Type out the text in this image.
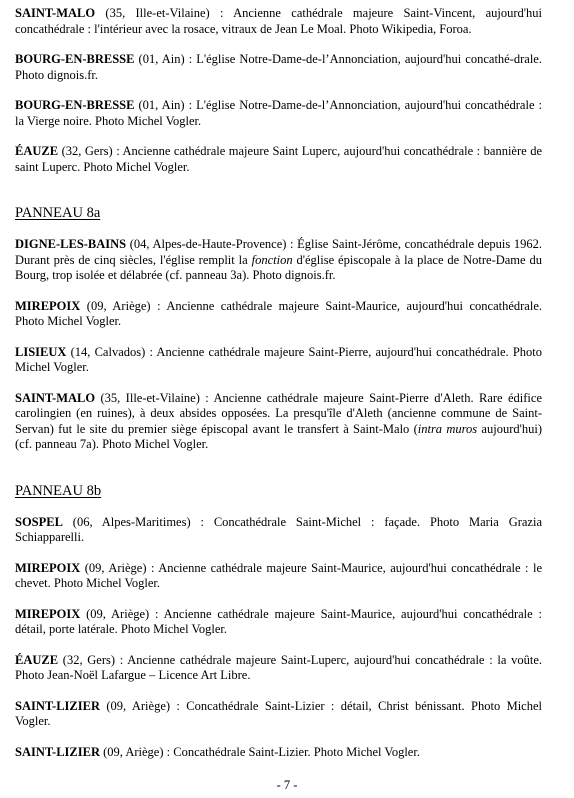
SAINT-MALO (35, Ille-et-Vilaine) : Ancienne cathédrale majeure Saint-Vincent, aujourd'hui concathédrale : l'intérieur avec la rosace, vitraux de Jean Le Moal. Photo Wikipedia, Foroa.

BOURG-EN-BRESSE (01, Ain) : L'église Notre-Dame-de-l’Annonciation, aujourd'hui concathé-drale. Photo dignois.fr.

BOURG-EN-BRESSE (01, Ain) : L'église Notre-Dame-de-l’Annonciation, aujourd'hui concathédrale : la Vierge noire. Photo Michel Vogler.

ÉAUZE (32, Gers) : Ancienne cathédrale majeure Saint Luperc, aujourd'hui concathédrale : bannière de saint Luperc. Photo Michel Vogler.

PANNEAU 8a

DIGNE-LES-BAINS (04, Alpes-de-Haute-Provence) : Église Saint-Jérôme, concathédrale depuis 1962. Durant près de cinq siècles, l'église remplit la fonction d'église épiscopale à la place de Notre-Dame du Bourg, trop isolée et délabrée (cf. panneau 3a). Photo dignois.fr.

MIREPOIX (09, Ariège) : Ancienne cathédrale majeure Saint-Maurice, aujourd'hui concathédrale. Photo Michel Vogler.

LISIEUX (14, Calvados) : Ancienne cathédrale majeure Saint-Pierre, aujourd'hui concathédrale. Photo Michel Vogler.

SAINT-MALO (35, Ille-et-Vilaine) : Ancienne cathédrale majeure Saint-Pierre d'Aleth. Rare édifice carolingien (en ruines), à deux absides opposées. La presqu'île d'Aleth (ancienne commune de Saint-Servan) fut le site du premier siège épiscopal avant le transfert à Saint-Malo (intra muros aujourd'hui) (cf. panneau 7a). Photo Michel Vogler.

PANNEAU 8b

SOSPEL (06, Alpes-Maritimes) : Concathédrale Saint-Michel : façade. Photo Maria Grazia Schiapparelli.

MIREPOIX (09, Ariège) : Ancienne cathédrale majeure Saint-Maurice, aujourd'hui concathédrale : le chevet. Photo Michel Vogler.

MIREPOIX (09, Ariège) : Ancienne cathédrale majeure Saint-Maurice, aujourd'hui concathédrale : détail, porte latérale. Photo Michel Vogler.

ÉAUZE (32, Gers) : Ancienne cathédrale majeure Saint-Luperc, aujourd'hui concathédrale : la voûte. Photo Jean-Noël Lafargue – Licence Art Libre.

SAINT-LIZIER (09, Ariège) : Concathédrale Saint-Lizier : détail, Christ bénissant. Photo Michel Vogler.

SAINT-LIZIER (09, Ariège) : Concathédrale Saint-Lizier. Photo Michel Vogler.

- 7 -
